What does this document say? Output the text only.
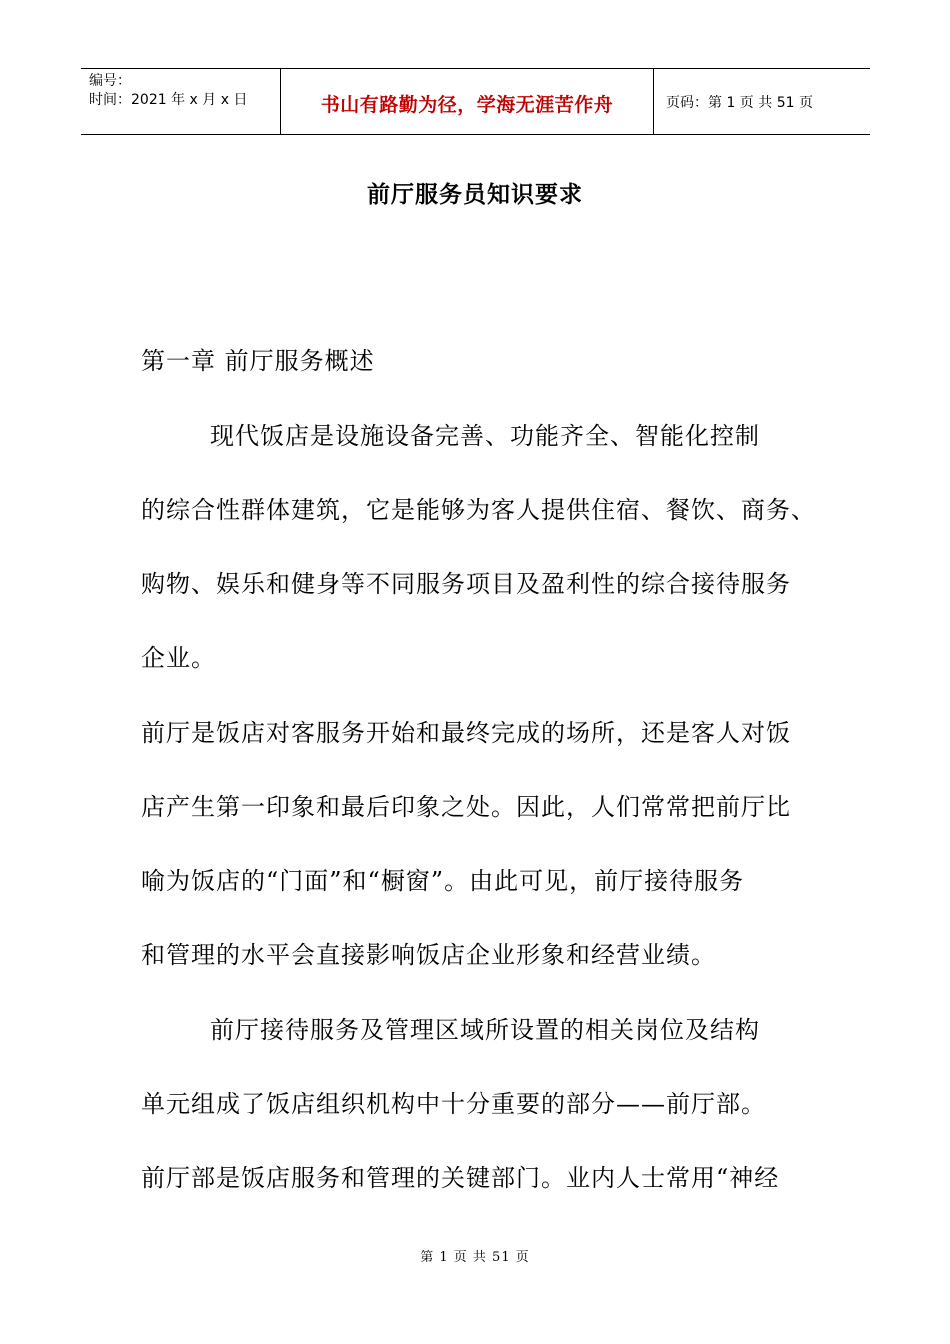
编号：
时间：2021 年 x 月 x 日	书山有路勤为径，学海无涯苦作舟	页码：第 1 页 共 51 页
前厅服务员知识要求
第一章 前厅服务概述
现代饭店是设施设备完善、功能齐全、智能化控制
的综合性群体建筑，它是能够为客人提供住宿、餐饮、商务、
购物、娱乐和健身等不同服务项目及盈利性的综合接待服务
企业。
前厅是饭店对客服务开始和最终完成的场所，还是客人对饭
店产生第一印象和最后印象之处。因此，人们常常把前厅比
喻为饭店的“门面”和“橱窗”。由此可见，前厅接待服务
和管理的水平会直接影响饭店企业形象和经营业绩。
前厅接待服务及管理区域所设置的相关岗位及结构
单元组成了饭店组织机构中十分重要的部分——前厅部。
前厅部是饭店服务和管理的关键部门。业内人士常用“神经
第 1 页 共 51 页
